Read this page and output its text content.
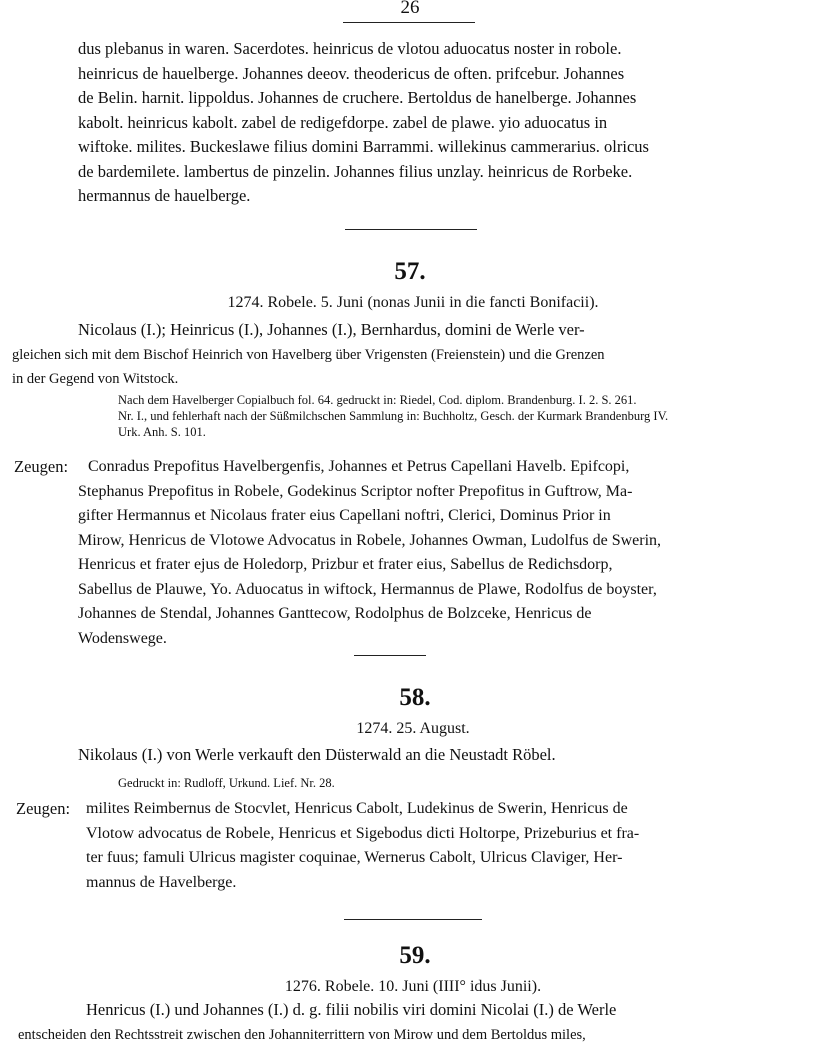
26
dus plebanus in waren. Sacerdotes. heinricus de vlotou aduocatus noster in robole.
heinricus de hauelberge. Johannes deeov. theodericus de often. prifcebur. Johannes
de Belin. harnit. lippoldus. Johannes de cruchere. Bertoldus de hanelberge. Johannes
kabolt. heinricus kabolt. zabel de redigefdorpe. zabel de plawe. yio aduocatus in
wiftoke. milites. Buckeslawe filius domini Barrammi. willekinus cammerarius. olricus
de bardemilete. lambertus de pinzelin. Johannes filius unzlay. heinricus de Rorbeke.
hermannus de hauelberge.
57.
1274. Robele. 5. Juni (nonas Junii in die fancti Bonifacii).
Nicolaus (I.); Heinricus (I.), Johannes (I.), Bernhardus, domini de Werle ver-
gleichen sich mit dem Bischof Heinrich von Havelberg über Vrigensten (Freienstein) und die Grenzen
in der Gegend von Witstock.
Nach dem Havelberger Copialbuch fol. 64. gedruckt in: Riedel, Cod. diplom. Brandenburg. I. 2. S. 261.
Nr. I., und fehlerhaft nach der Süßmilchschen Sammlung in: Buchholtz, Gesch. der Kurmark Brandenburg IV.
Urk. Anh. S. 101.
Zeugen: Conradus Prepofitus Havelbergenfis, Johannes et Petrus Capellani Havelb. Epifcopi,
Stephanus Prepofitus in Robele, Godekinus Scriptor nofter Prepofitus in Guftrow, Ma-
gifter Hermannus et Nicolaus frater eius Capellani noftri, Clerici, Dominus Prior in
Mirow, Henricus de Vlotowe Advocatus in Robele, Johannes Owman, Ludolfus de Swerin,
Henricus et frater ejus de Holedorp, Prizbur et frater eius, Sabellus de Redichsdorp,
Sabellus de Plauwe, Yo. Aduocatus in wiftock, Hermannus de Plawe, Rodolfus de boyster,
Johannes de Stendal, Johannes Ganttecow, Rodolphus de Bolzceke, Henricus de
Wodenswege.
58.
1274. 25. August.
Nikolaus (I.) von Werle verkauft den Düsterwald an die Neustadt Röbel.
Gedruckt in: Rudloff, Urkund. Lief. Nr. 28.
Zeugen: milites Reimbernus de Stocvlet, Henricus Cabolt, Ludekinus de Swerin, Henricus de
Vlotow advocatus de Robele, Henricus et Sigebodus dicti Holtorpe, Prizeburius et fra-
ter fuus; famuli Ulricus magister coquinae, Wernerus Cabolt, Ulricus Claviger, Her-
mannus de Havelberge.
59.
1276. Robele. 10. Juni (IIII° idus Junii).
Henricus (I.) und Johannes (I.) d. g. filii nobilis viri domini Nicolai (I.) de Werle
entscheiden den Rechtsstreit zwischen den Johanniterrittern von Mirow und dem Bertoldus miles,
